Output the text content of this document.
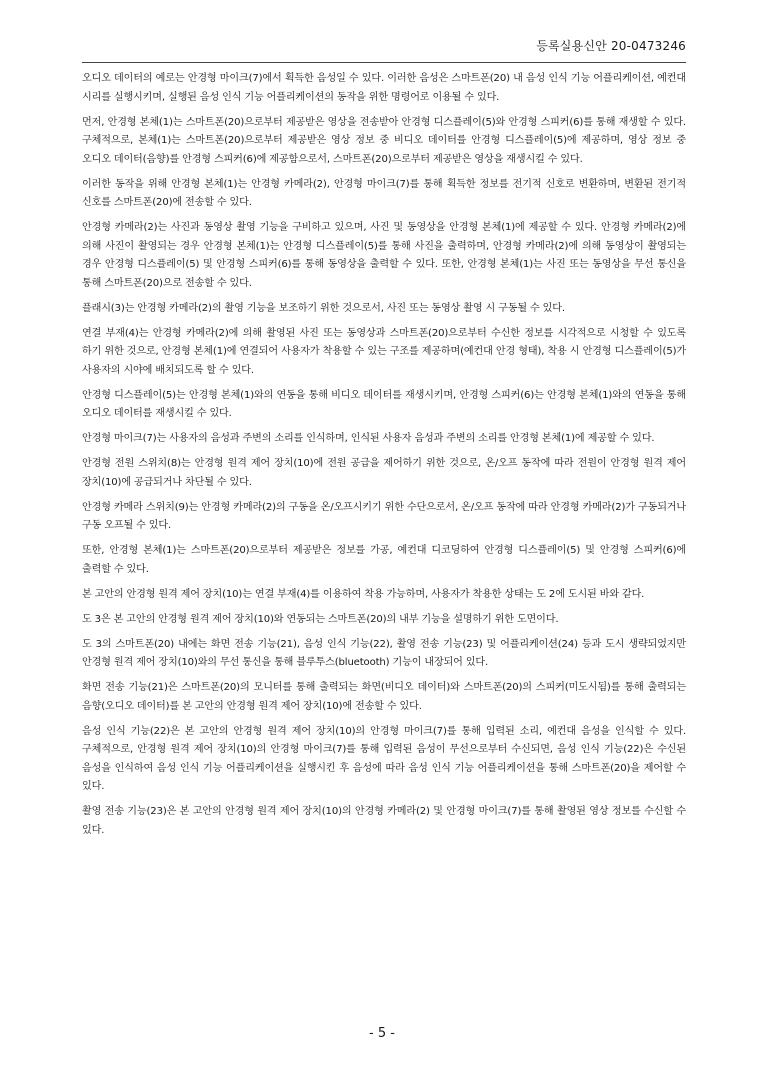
등록실용신안 20-0473246

오디오 데이터의 예로는 안경형 마이크(7)에서 획득한 음성일 수 있다. 이러한 음성은 스마트폰(20) 내 음성 인식 기능 어플리케이션, 예컨대 시리를 실행시키며, 실행된 음성 인식 기능 어플리케이션의 동작을 위한 명령어로 이용될 수 있다.

먼저, 안경형 본체(1)는 스마트폰(20)으로부터 제공받은 영상을 전송받아 안경형 디스플레이(5)와 안경형 스피커(6)를 통해 재생할 수 있다. 구체적으로, 본체(1)는 스마트폰(20)으로부터 제공받은 영상 정보 중 비디오 데이터를 안경형 디스플레이(5)에 제공하며, 영상 정보 중 오디오 데이터(음향)를 안경형 스피커(6)에 제공함으로서, 스마트폰(20)으로부터 제공받은 영상을 재생시킬 수 있다.

이러한 동작을 위해 안경형 본체(1)는 안경형 카메라(2), 안경형 마이크(7)를 통해 획득한 정보를 전기적 신호로 변환하며, 변환된 전기적 신호를 스마트폰(20)에 전송할 수 있다.

안경형 카메라(2)는 사진과 동영상 촬영 기능을 구비하고 있으며, 사진 및 동영상을 안경형 본체(1)에 제공할 수 있다. 안경형 카메라(2)에 의해 사진이 촬영되는 경우 안경형 본체(1)는 안경형 디스플레이(5)를 통해 사진을 출력하며, 안경형 카메라(2)에 의해 동영상이 촬영되는 경우 안경형 디스플레이(5) 및 안경형 스피커(6)를 통해 동영상을 출력할 수 있다. 또한, 안경형 본체(1)는 사진 또는 동영상을 무선 통신을 통해 스마트폰(20)으로 전송할 수 있다.

플래시(3)는 안경형 카메라(2)의 촬영 기능을 보조하기 위한 것으로서, 사진 또는 동영상 촬영 시 구동될 수 있다.

연결 부재(4)는 안경형 카메라(2)에 의해 촬영된 사진 또는 동영상과 스마트폰(20)으로부터 수신한 정보를 시각적으로 시청할 수 있도록 하기 위한 것으로, 안경형 본체(1)에 연결되어 사용자가 착용할 수 있는 구조를 제공하며(예컨대 안경 형태), 착용 시 안경형 디스플레이(5)가 사용자의 시야에 배치되도록 할 수 있다.

안경형 디스플레이(5)는 안경형 본체(1)와의 연동을 통해 비디오 데이터를 재생시키며, 안경형 스피커(6)는 안경형 본체(1)와의 연동을 통해 오디오 데이터를 재생시킬 수 있다.

안경형 마이크(7)는 사용자의 음성과 주변의 소리를 인식하며, 인식된 사용자 음성과 주변의 소리를 안경형 본체(1)에 제공할 수 있다.

안경형 전원 스위치(8)는 안경형 원격 제어 장치(10)에 전원 공급을 제어하기 위한 것으로, 온/오프 동작에 따라 전원이 안경형 원격 제어 장치(10)에 공급되거나 차단될 수 있다.

안경형 카메라 스위치(9)는 안경형 카메라(2)의 구동을 온/오프시키기 위한 수단으로서, 온/오프 동작에 따라 안경형 카메라(2)가 구동되거나 구동 오프될 수 있다.

또한, 안경형 본체(1)는 스마트폰(20)으로부터 제공받은 정보를 가공, 예컨대 디코딩하여 안경형 디스플레이(5) 및 안경형 스피커(6)에 출력할 수 있다.

본 고안의 안경형 원격 제어 장치(10)는 연결 부재(4)를 이용하여 착용 가능하며, 사용자가 착용한 상태는 도 2에 도시된 바와 같다.

도 3은 본 고안의 안경형 원격 제어 장치(10)와 연동되는 스마트폰(20)의 내부 기능을 설명하기 위한 도면이다.

도 3의 스마트폰(20) 내에는 화면 전송 기능(21), 음성 인식 기능(22), 촬영 전송 기능(23) 및 어플리케이션(24) 등과 도시 생략되었지만 안경형 원격 제어 장치(10)와의 무선 통신을 통해 블루투스(bluetooth) 기능이 내장되어 있다.

화면 전송 기능(21)은 스마트폰(20)의 모니터를 통해 출력되는 화면(비디오 데이터)와 스마트폰(20)의 스피커(미도시됨)를 통해 출력되는 음향(오디오 데이터)를 본 고안의 안경형 원격 제어 장치(10)에 전송할 수 있다.

음성 인식 기능(22)은 본 고안의 안경형 원격 제어 장치(10)의 안경형 마이크(7)를 통해 입력된 소리, 예컨대 음성을 인식할 수 있다. 구체적으로, 안경형 원격 제어 장치(10)의 안경형 마이크(7)를 통해 입력된 음성이 무선으로부터 수신되면, 음성 인식 기능(22)은 수신된 음성을 인식하여 음성 인식 기능 어플리케이션을 실행시킨 후 음성에 따라 음성 인식 기능 어플리케이션을 통해 스마트폰(20)을 제어할 수 있다.

촬영 전송 기능(23)은 본 고안의 안경형 원격 제어 장치(10)의 안경형 카메라(2) 및 안경형 마이크(7)를 통해 촬영된 영상 정보를 수신할 수 있다.

- 5 -
